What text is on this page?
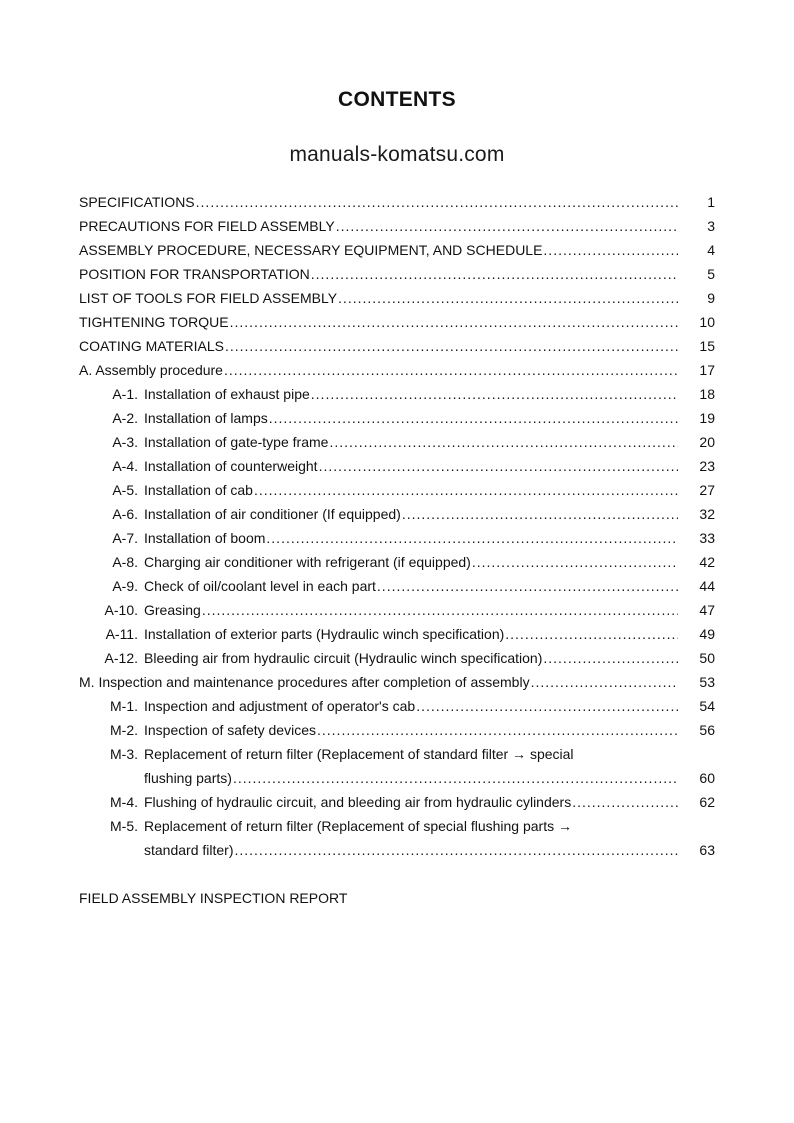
CONTENTS
manuals-komatsu.com
SPECIFICATIONS .....	1
PRECAUTIONS FOR FIELD ASSEMBLY .....	3
ASSEMBLY PROCEDURE, NECESSARY EQUIPMENT, AND SCHEDULE .....	4
POSITION FOR TRANSPORTATION .....	5
LIST OF TOOLS FOR FIELD ASSEMBLY .....	9
TIGHTENING TORQUE .....	10
COATING MATERIALS .....	15
A. Assembly procedure .....	17
A-1. Installation of exhaust pipe .....	18
A-2. Installation of lamps .....	19
A-3. Installation of gate-type frame .....	20
A-4. Installation of counterweight .....	23
A-5. Installation of cab .....	27
A-6. Installation of air conditioner (If equipped) .....	32
A-7. Installation of boom .....	33
A-8. Charging air conditioner with refrigerant (if equipped) .....	42
A-9. Check of oil/coolant level in each part .....	44
A-10. Greasing .....	47
A-11. Installation of exterior parts (Hydraulic winch specification) .....	49
A-12. Bleeding air from hydraulic circuit (Hydraulic winch specification) .....	50
M. Inspection and maintenance procedures after completion of assembly .....	53
M-1. Inspection and adjustment of operator's cab .....	54
M-2. Inspection of safety devices .....	56
M-3. Replacement of return filter (Replacement of standard filter → special
flushing parts) .....	60
M-4. Flushing of hydraulic circuit, and bleeding air from hydraulic cylinders .....	62
M-5. Replacement of return filter (Replacement of special flushing parts →
standard filter) .....	63
FIELD ASSEMBLY INSPECTION REPORT
